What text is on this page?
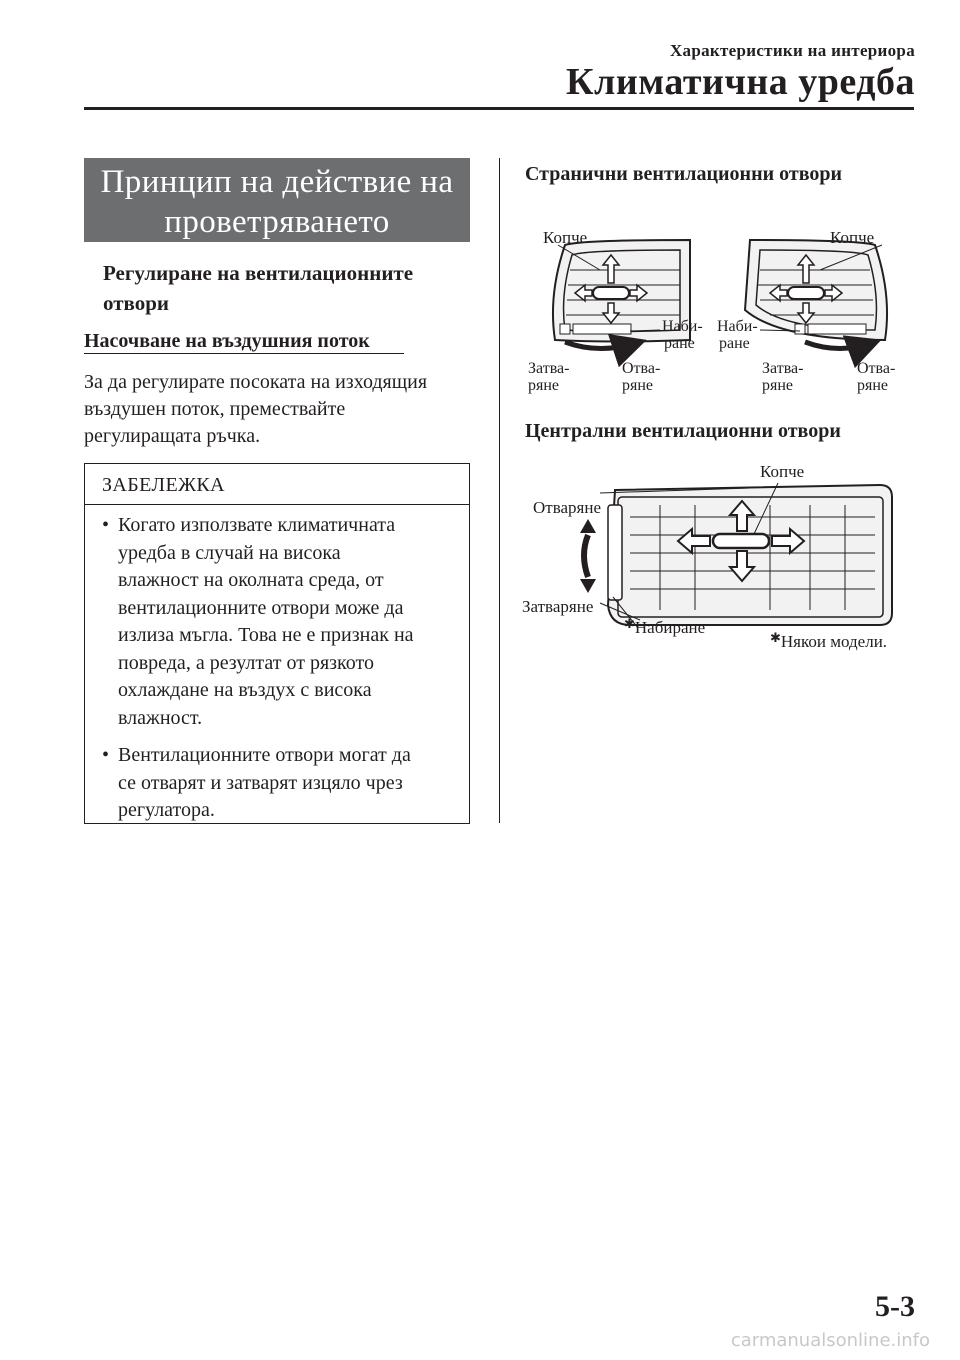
Характеристики на интериора
Климатична уредба
Принцип на действие на
проветряването
Регулиране на вентилационните
отвори
Насочване на въздушния поток
За да регулирате посоката на изходящия
въздушен поток, премествайте
регулиращата ръчка.
ЗАБЕЛЕЖКА
• Когато използвате климатичната
уредба в случай на висока
влажност на околната среда, от
вентилационните отвори може да
излиза мъгла. Това не е признак на
повреда, а резултат от рязкото
охлаждане на въздух с висока
влажност.
• Вентилационните отвори могат да
се отварят и затварят изцяло чрез
регулатора.
Странични вентилационни отвори
Копче
Наби-
ране
Затва-
ряне
Отва-
ряне
Копче
Наби-
ране
Затва-
ряне
Отва-
ряне
Централни вентилационни отвори
Копче
Отваряне
Затваряне
✱Набиране
✱Някои модели.
5-3
carmanualsonline.info
